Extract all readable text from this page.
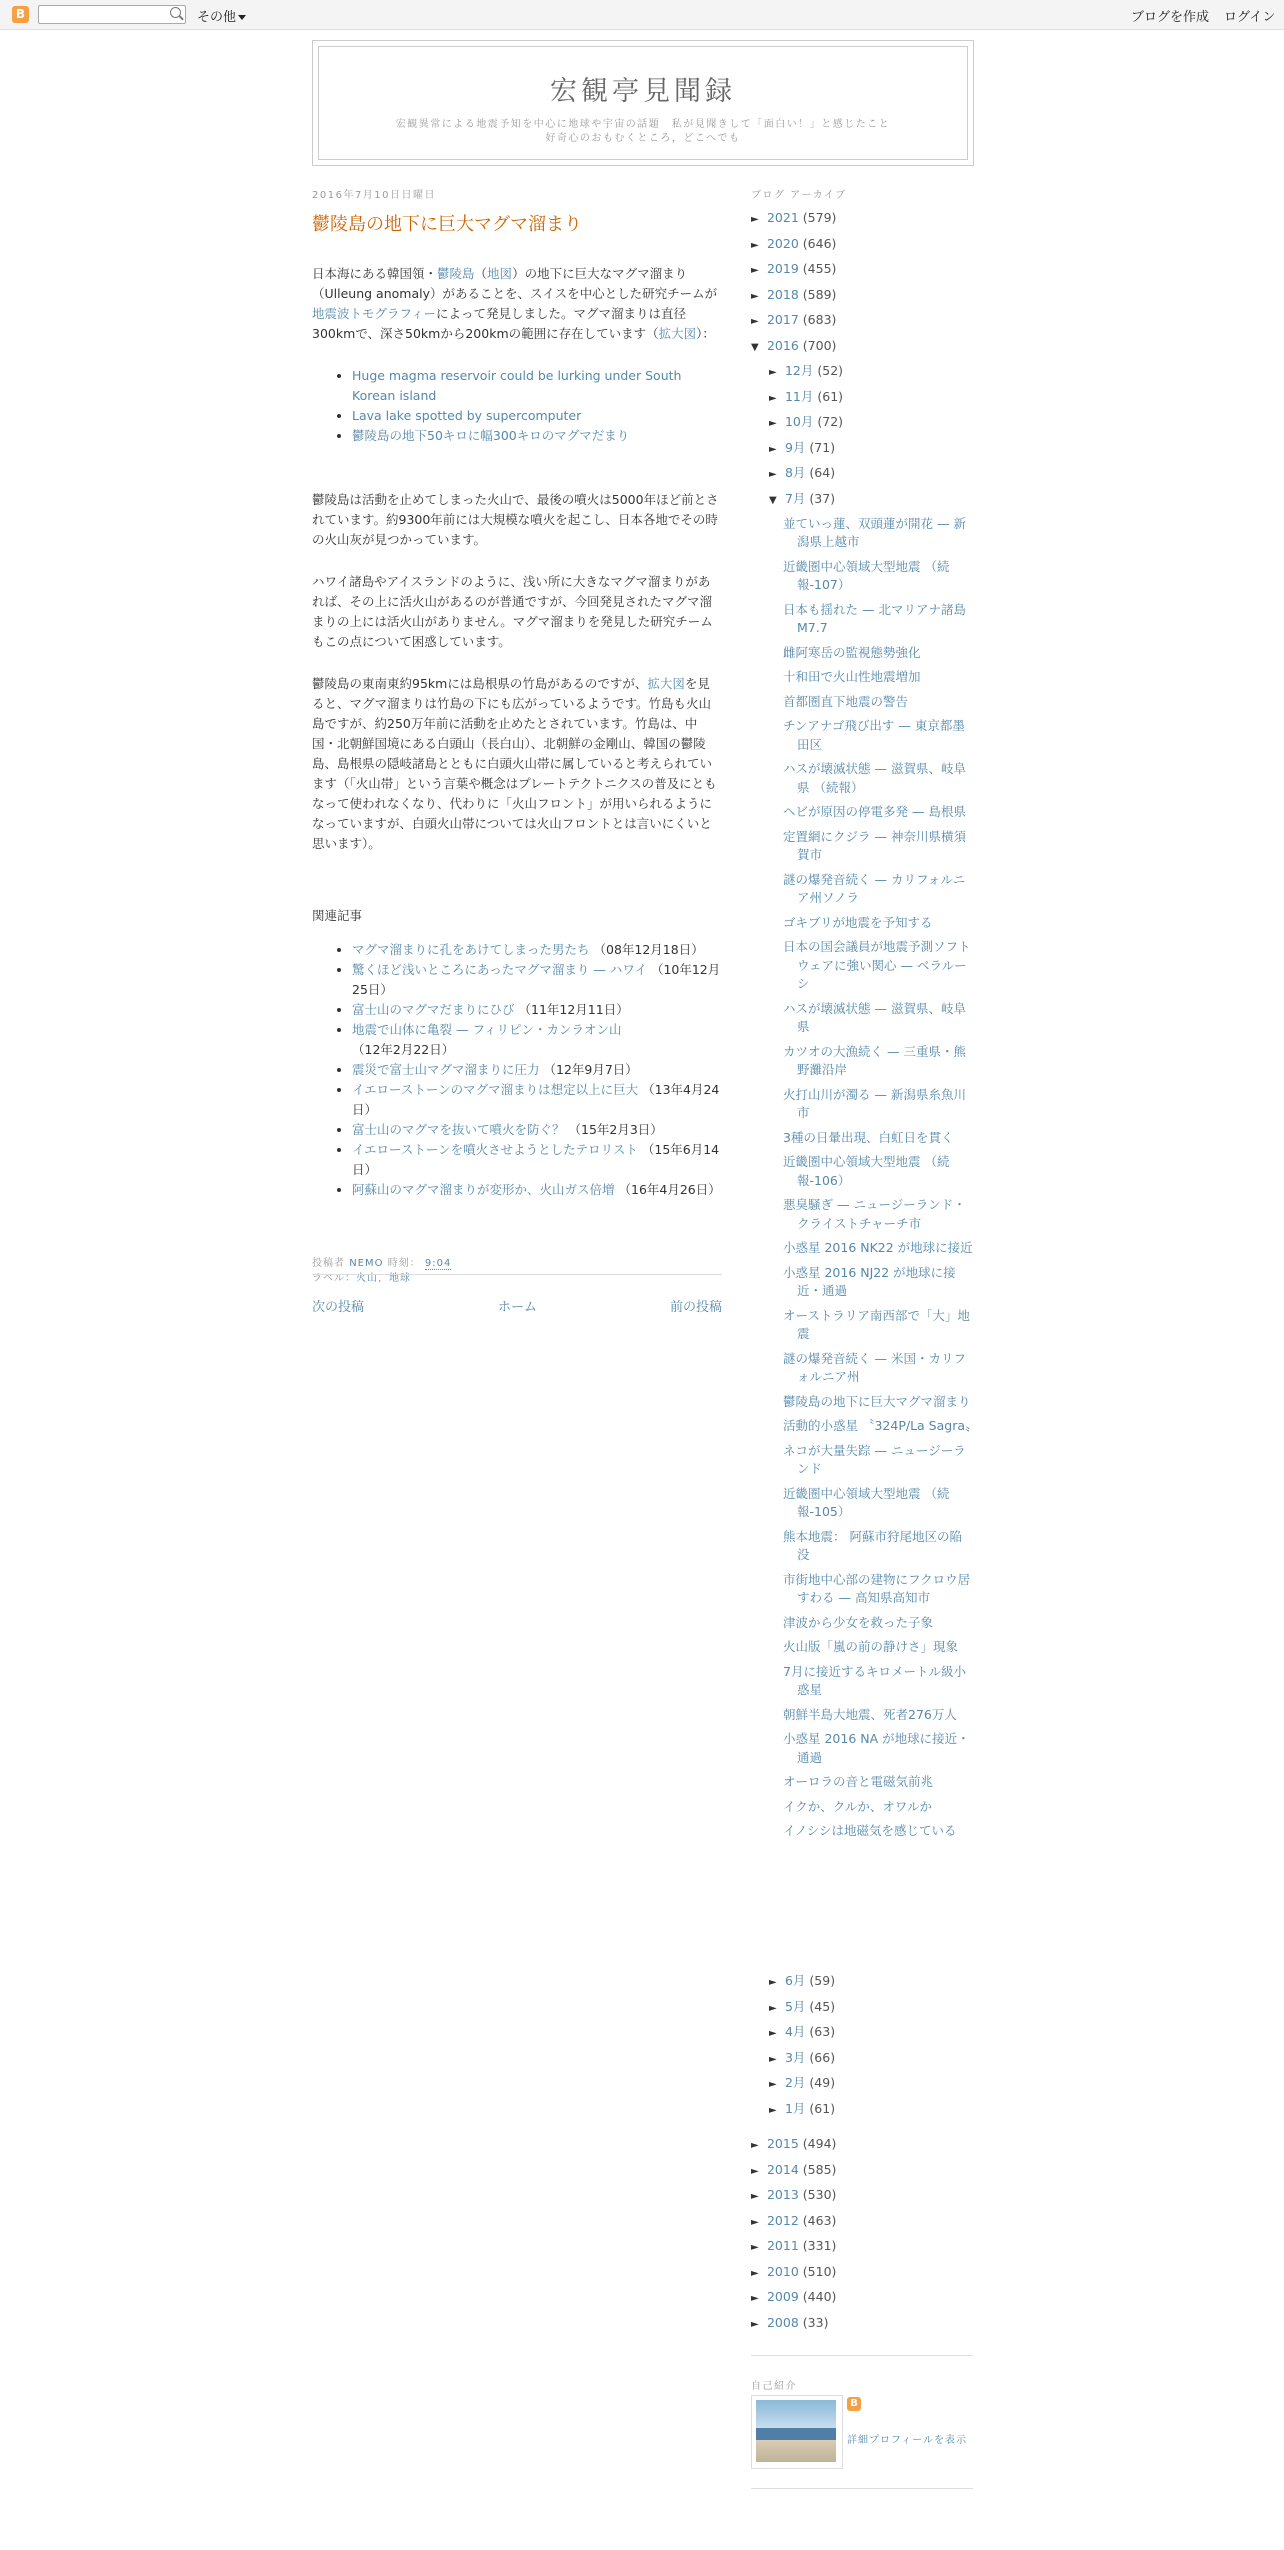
B	その他	ブログを作成 ログイン
宏観亭見聞録
宏観異常による地震予知を中心に地球や宇宙の話題　私が見聞きして「面白い！」と感じたこと
好奇心のおもむくところ，どこへでも
2016年7月10日日曜日
鬱陵島の地下に巨大マグマ溜まり

日本海にある韓国領・鬱陵島（地図）の地下に巨大なマグマ溜まり（Ulleung anomaly）があることを、スイスを中心とした研究チームが地震波トモグラフィーによって発見しました。マグマ溜まりは直径300kmで、深さ50kmから200kmの範囲に存在しています（拡大図）：

• Huge magma reservoir could be lurking under South Korean island
• Lava lake spotted by supercomputer
• 鬱陵島の地下50キロに幅300キロのマグマだまり

鬱陵島は活動を止めてしまった火山で、最後の噴火は5000年ほど前とされています。約9300年前には大規模な噴火を起こし、日本各地でその時の火山灰が見つかっています。

ハワイ諸島やアイスランドのように、浅い所に大きなマグマ溜まりがあれば、その上に活火山があるのが普通ですが、今回発見されたマグマ溜まりの上には活火山がありません。マグマ溜まりを発見した研究チームもこの点について困惑しています。

鬱陵島の東南東約95kmには島根県の竹島があるのですが、拡大図を見ると、マグマ溜まりは竹島の下にも広がっているようです。竹島も火山島ですが、約250万年前に活動を止めたとされています。竹島は、中国・北朝鮮国境にある白頭山（長白山）、北朝鮮の金剛山、韓国の鬱陵島、島根県の隠岐諸島とともに白頭火山帯に属していると考えられています（「火山帯」という言葉や概念はプレートテクトニクスの普及にともなって使われなくなり、代わりに「火山フロント」が用いられるようになっていますが、白頭火山帯については火山フロントとは言いにくいと思います）。

関連記事
• マグマ溜まりに孔をあけてしまった男たち （08年12月18日）
• 驚くほど浅いところにあったマグマ溜まり — ハワイ （10年12月25日）
• 富士山のマグマだまりにひび （11年12月11日）
• 地震で山体に亀裂 — フィリピン・カンラオン山 （12年2月22日）
• 震災で富士山マグマ溜まりに圧力 （12年9月7日）
• イエローストーンのマグマ溜まりは想定以上に巨大 （13年4月24日）
• 富士山のマグマを抜いて噴火を防ぐ？ （15年2月3日）
• イエローストーンを噴火させようとしたテロリスト （15年6月14日）
• 阿蘇山のマグマ溜まりが変形か、火山ガス倍増 （16年4月26日）
投稿者 NEMO 時刻： 9:04
ラベル：火山，地球
次の投稿	ホーム	前の投稿
ブログ アーカイブ
► 2021 (579)
► 2020 (646)
► 2019 (455)
► 2018 (589)
► 2017 (683)
▼ 2016 (700)
► 12月 (52)
► 11月 (61)
► 10月 (72)
► 9月 (71)
► 8月 (64)
▼ 7月 (37)
並ていっ蓮、双頭蓮が開花 — 新潟県上越市
近畿圏中心領域大型地震 （続報-107）
日本も揺れた — 北マリアナ諸島 M7.7
雌阿寒岳の監視態勢強化
十和田で火山性地震増加
首都圏直下地震の警告
チンアナゴ飛び出す — 東京都墨田区
ハスが壊滅状態 — 滋賀県、岐阜県 （続報）
ヘビが原因の停電多発 — 島根県
定置網にクジラ — 神奈川県横須賀市
謎の爆発音続く — カリフォルニア州ソノラ
ゴキブリが地震を予知する
日本の国会議員が地震予測ソフトウェアに強い関心 — ベラルーシ
ハスが壊滅状態 — 滋賀県、岐阜県
カツオの大漁続く — 三重県・熊野灘沿岸
火打山川が濁る — 新潟県糸魚川市
3種の日暈出現、白虹日を貫く
近畿圏中心領域大型地震 （続報-106）
悪臭騒ぎ — ニュージーランド・クライストチャーチ市
小惑星 2016 NK22 が地球に接近
小惑星 2016 NJ22 が地球に接近・通過
オーストラリア南西部で「大」地震
謎の爆発音続く — 米国・カリフォルニア州
鬱陵島の地下に巨大マグマ溜まり
活動的小惑星 〝324P/La Sagra〟
ネコが大量失踪 — ニュージーランド
近畿圏中心領域大型地震 （続報-105）
熊本地震： 阿蘇市狩尾地区の陥没
市街地中心部の建物にフクロウ居すわる — 高知県高知市
津波から少女を救った子象
火山版「嵐の前の静けさ」現象
7月に接近するキロメートル級小惑星
朝鮮半島大地震、死者276万人
小惑星 2016 NA が地球に接近・通過
オーロラの音と電磁気前兆
イクか、クルか、オワルか
イノシシは地磁気を感じている
► 6月 (59)
► 5月 (45)
► 4月 (63)
► 3月 (66)
► 2月 (49)
► 1月 (61)
► 2015 (494)
► 2014 (585)
► 2013 (530)
► 2012 (463)
► 2011 (331)
► 2010 (510)
► 2009 (440)
► 2008 (33)
自己紹介
B
詳細プロフィールを表示
